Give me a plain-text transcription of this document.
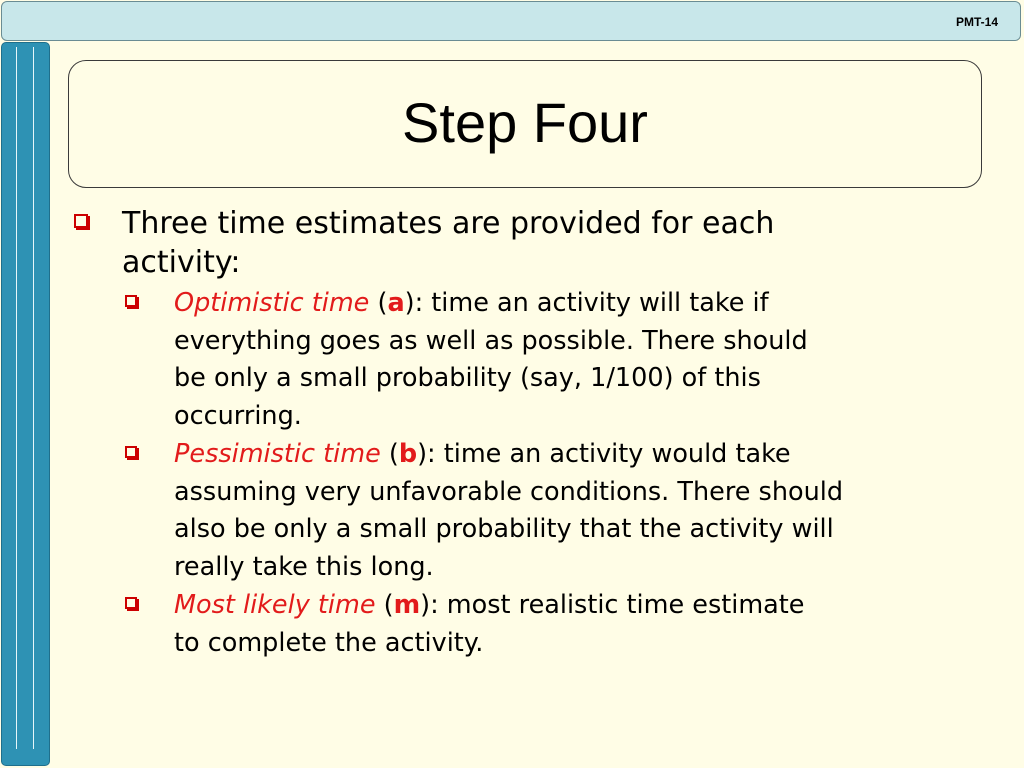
PMT-14
Step Four
Three time estimates are provided for each
activity:
Optimistic time (a): time an activity will take if
everything goes as well as possible. There should
be only a small probability (say, 1/100) of this
occurring.
Pessimistic time (b): time an activity would take
assuming very unfavorable conditions. There should
also be only a small probability that the activity will
really take this long.
Most likely time (m): most realistic time estimate
to complete the activity.
